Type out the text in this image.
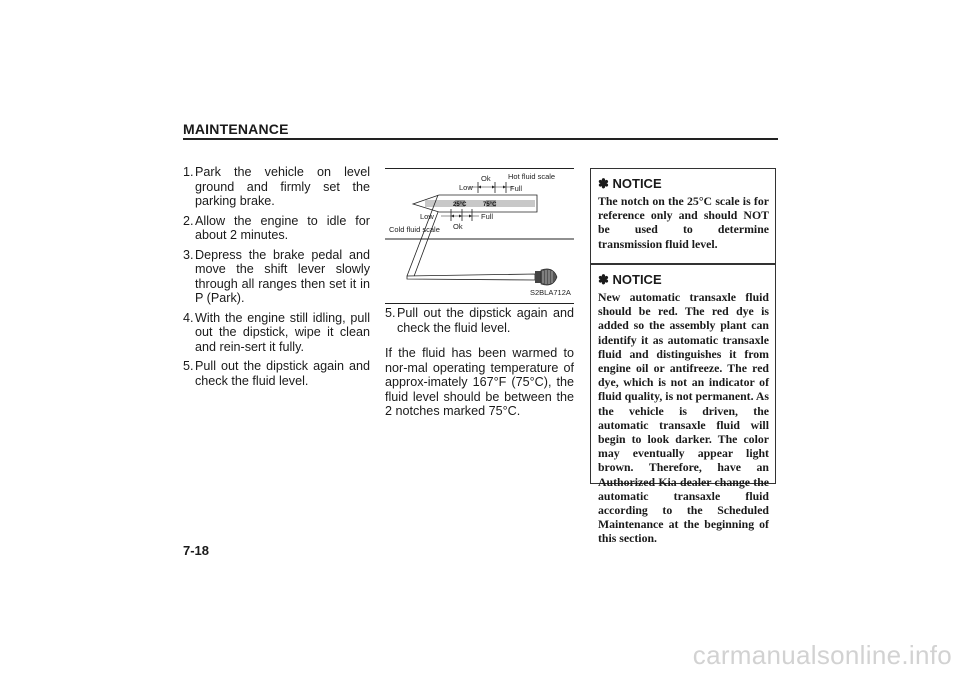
MAINTENANCE
1. Park the vehicle on level ground and firmly set the parking brake.
2. Allow the engine to idle for about 2 minutes.
3. Depress the brake pedal and move the shift lever slowly through all ranges then set it in P (Park).
4. With the engine still idling, pull out the dipstick, wipe it clean and rein-sert it fully.
5. Pull out the dipstick again and check the fluid level.
25°C	75°C
Low
Ok
Full
Hot fluid scale
Low
Ok
Full
Cold fluid scale
S2BLA712A

5. Pull out the dipstick again and check the fluid level.

If the fluid has been warmed to nor-mal operating temperature of approx-imately 167°F (75°C), the fluid level should be between the 2 notches marked 75°C.

✽ NOTICE

The notch on the 25°C scale is for reference only and should NOT be used to determine transmission fluid level.

✽ NOTICE

New automatic transaxle fluid should be red. The red dye is added so the assembly plant can identify it as automatic transaxle fluid and distinguishes it from engine oil or antifreeze. The red dye, which is not an indicator of fluid quality, is not permanent. As the vehicle is driven, the automatic transaxle fluid will begin to look darker. The color may eventually appear light brown. Therefore, have an Authorized Kia dealer change the automatic transaxle fluid according to the Scheduled Maintenance at the beginning of this section.

7-18
carmanualsonline.info
